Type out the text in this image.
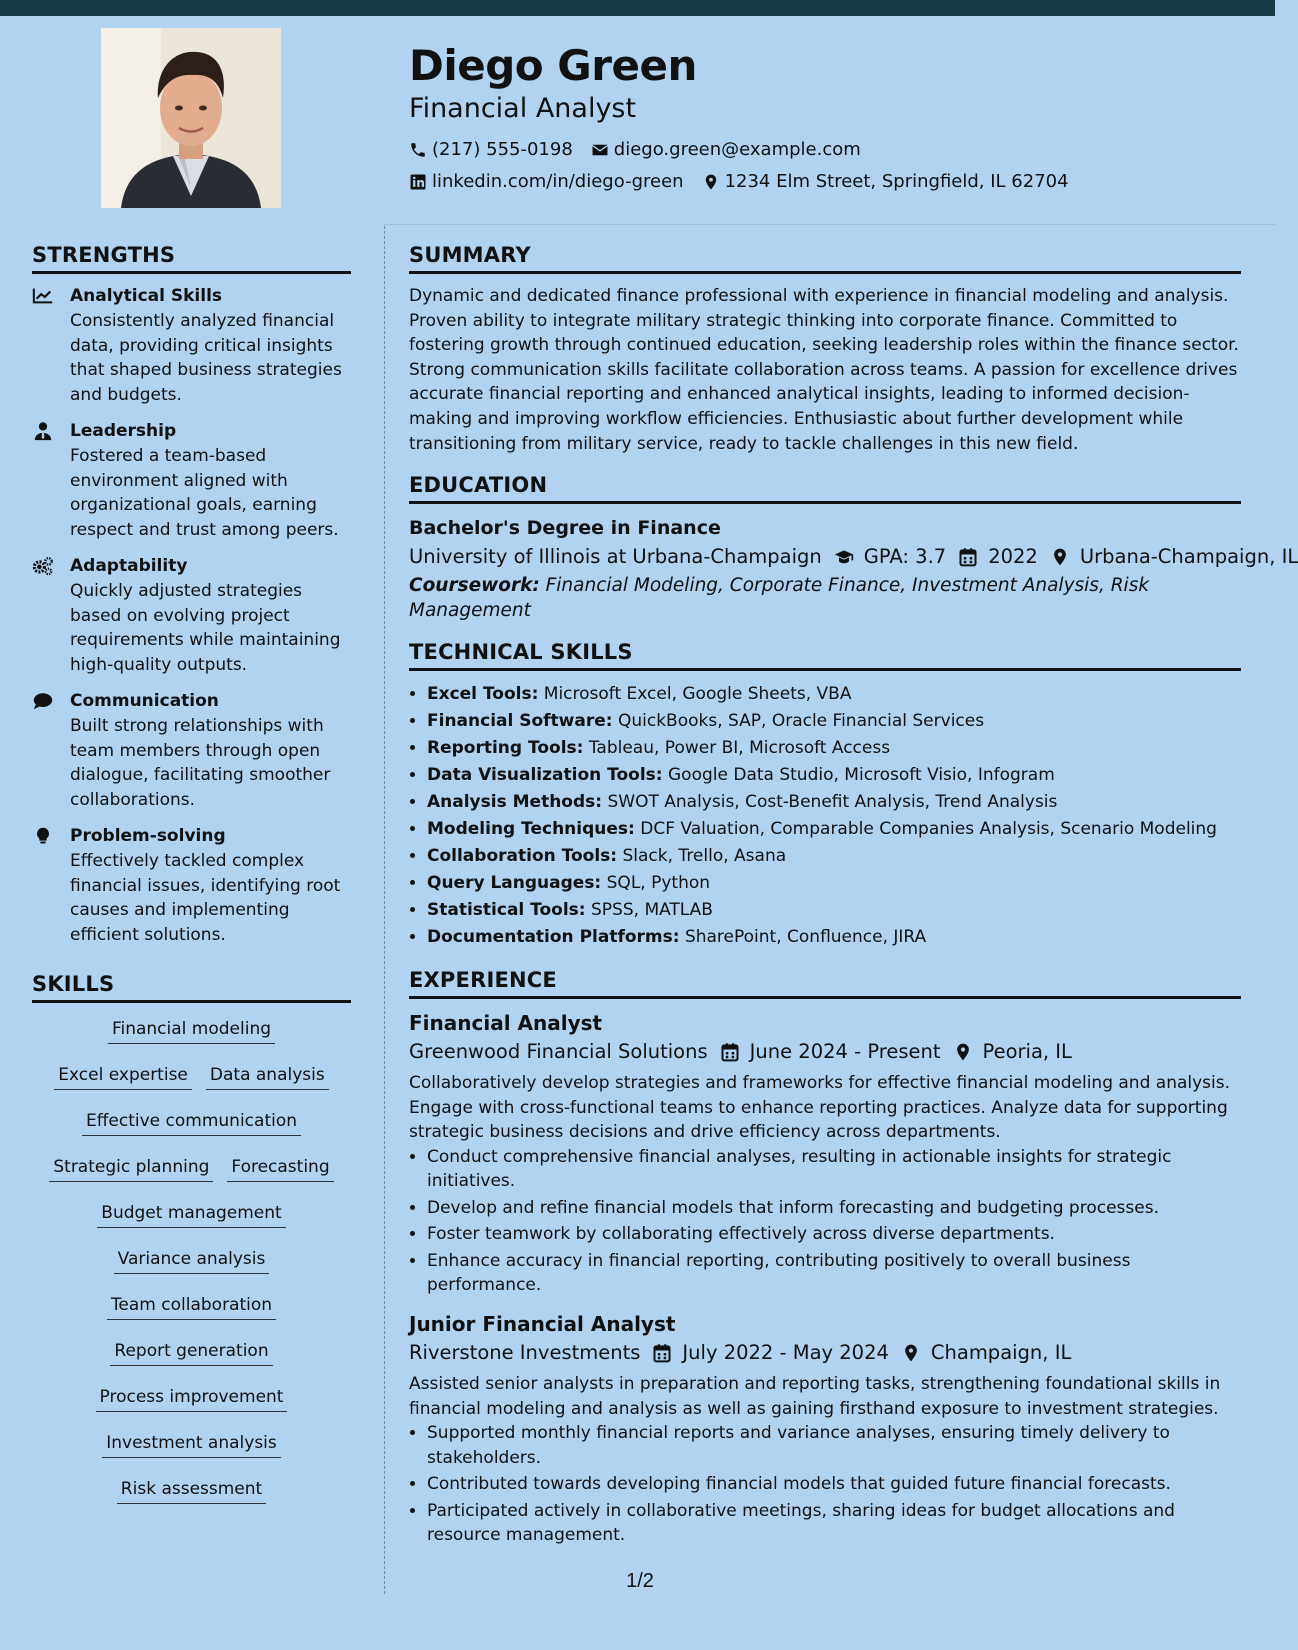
Diego Green
Financial Analyst
(217) 555-0198 diego.green@example.com
linkedin.com/in/diego-green 1234 Elm Street, Springfield, IL 62704
STRENGTHS
Analytical Skills
Consistently analyzed financial data, providing critical insights that shaped business strategies and budgets.
Leadership
Fostered a team-based environment aligned with organizational goals, earning respect and trust among peers.
Adaptability
Quickly adjusted strategies based on evolving project requirements while maintaining high-quality outputs.
Communication
Built strong relationships with team members through open dialogue, facilitating smoother collaborations.
Problem-solving
Effectively tackled complex financial issues, identifying root causes and implementing efficient solutions.
SKILLS
Financial modeling
Excel expertise Data analysis
Effective communication
Strategic planning Forecasting
Budget management
Variance analysis
Team collaboration
Report generation
Process improvement
Investment analysis
Risk assessment
SUMMARY

Dynamic and dedicated finance professional with experience in financial modeling and analysis. Proven ability to integrate military strategic thinking into corporate finance. Committed to fostering growth through continued education, seeking leadership roles within the finance sector. Strong communication skills facilitate collaboration across teams. A passion for excellence drives accurate financial reporting and enhanced analytical insights, leading to informed decision-making and improving workflow efficiencies. Enthusiastic about further development while transitioning from military service, ready to tackle challenges in this new field.

EDUCATION
Bachelor's Degree in Finance
University of Illinois at Urbana-Champaign GPA: 3.7 2022 Urbana-Champaign, IL
Coursework: Financial Modeling, Corporate Finance, Investment Analysis, Risk Management
TECHNICAL SKILLS
• Excel Tools: Microsoft Excel, Google Sheets, VBA
• Financial Software: QuickBooks, SAP, Oracle Financial Services
• Reporting Tools: Tableau, Power BI, Microsoft Access
• Data Visualization Tools: Google Data Studio, Microsoft Visio, Infogram
• Analysis Methods: SWOT Analysis, Cost-Benefit Analysis, Trend Analysis
• Modeling Techniques: DCF Valuation, Comparable Companies Analysis, Scenario Modeling
• Collaboration Tools: Slack, Trello, Asana
• Query Languages: SQL, Python
• Statistical Tools: SPSS, MATLAB
• Documentation Platforms: SharePoint, Confluence, JIRA
EXPERIENCE
Financial Analyst
Greenwood Financial Solutions June 2024 - Present Peoria, IL

Collaboratively develop strategies and frameworks for effective financial modeling and analysis. Engage with cross-functional teams to enhance reporting practices. Analyze data for supporting strategic business decisions and drive efficiency across departments.

• Conduct comprehensive financial analyses, resulting in actionable insights for strategic initiatives.
• Develop and refine financial models that inform forecasting and budgeting processes.
• Foster teamwork by collaborating effectively across diverse departments.
• Enhance accuracy in financial reporting, contributing positively to overall business performance.
Junior Financial Analyst
Riverstone Investments July 2022 - May 2024 Champaign, IL

Assisted senior analysts in preparation and reporting tasks, strengthening foundational skills in financial modeling and analysis as well as gaining firsthand exposure to investment strategies.

• Supported monthly financial reports and variance analyses, ensuring timely delivery to stakeholders.
• Contributed towards developing financial models that guided future financial forecasts.
• Participated actively in collaborative meetings, sharing ideas for budget allocations and resource management.
1/2
